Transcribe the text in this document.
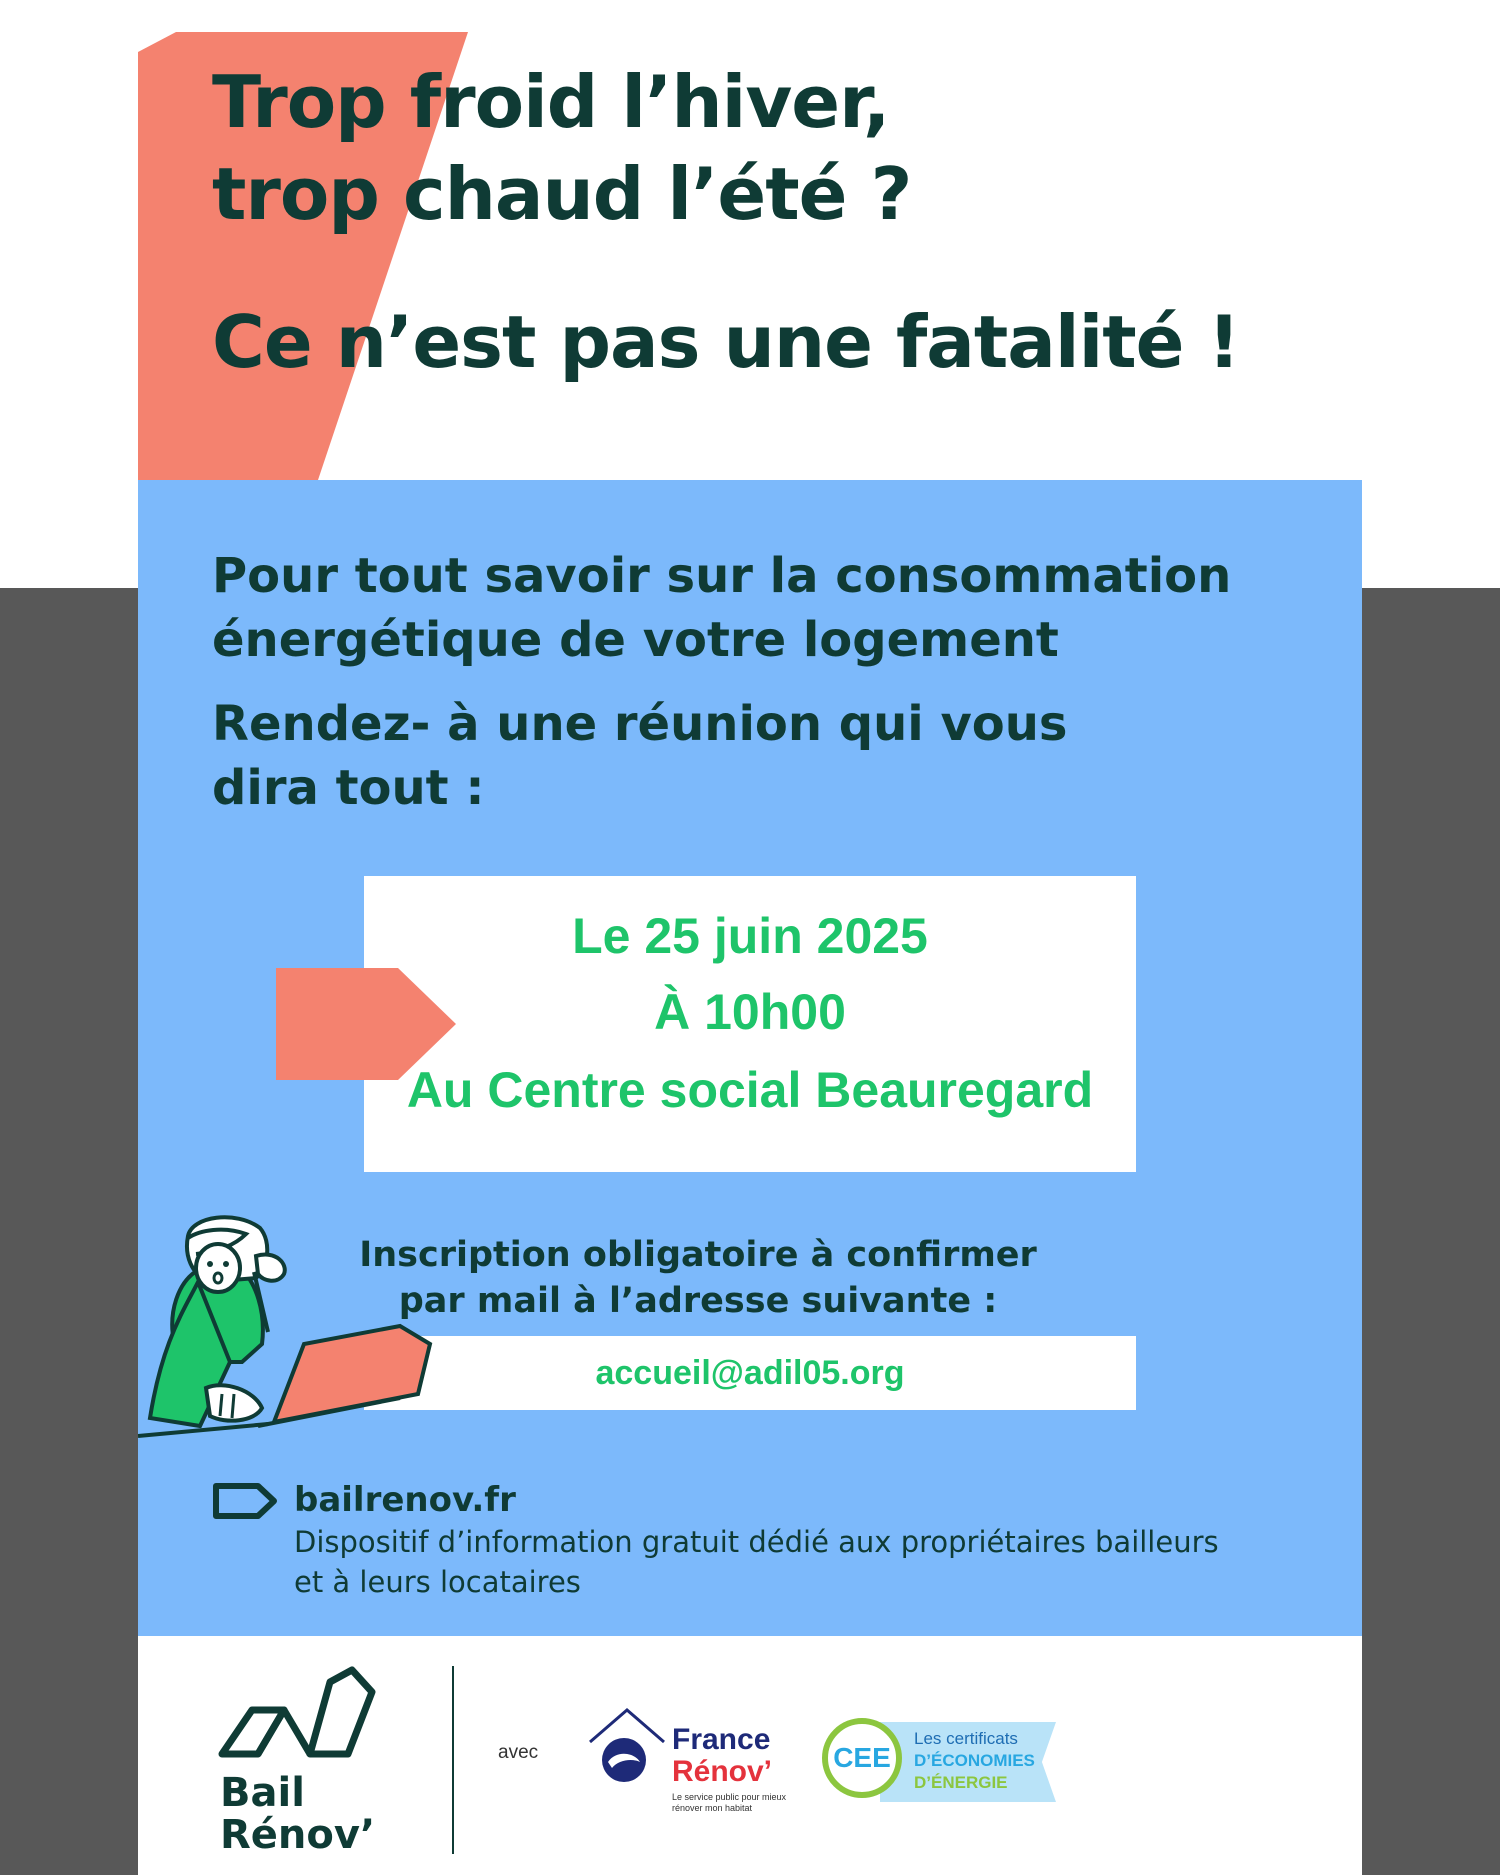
Trop froid l’hiver,
trop chaud l’été ?
Ce n’est pas une fatalité !

Pour tout savoir sur la consommation
énergétique de votre logement

Rendez- à une réunion qui vous
dira tout :

Le 25 juin 2025
À 10h00
Au Centre social Beauregard
Inscription obligatoire à confirmer
par mail à l’adresse suivante :
accueil@adil05.org
bailrenov.fr
Dispositif d’information gratuit dédié aux propriétaires bailleurs
et à leurs locataires
Bail
Rénov’
avec	France
Rénov’
Le service public pour mieux rénover mon habitat
CEE
Les certificats
D’ÉCONOMIES
D’ÉNERGIE
